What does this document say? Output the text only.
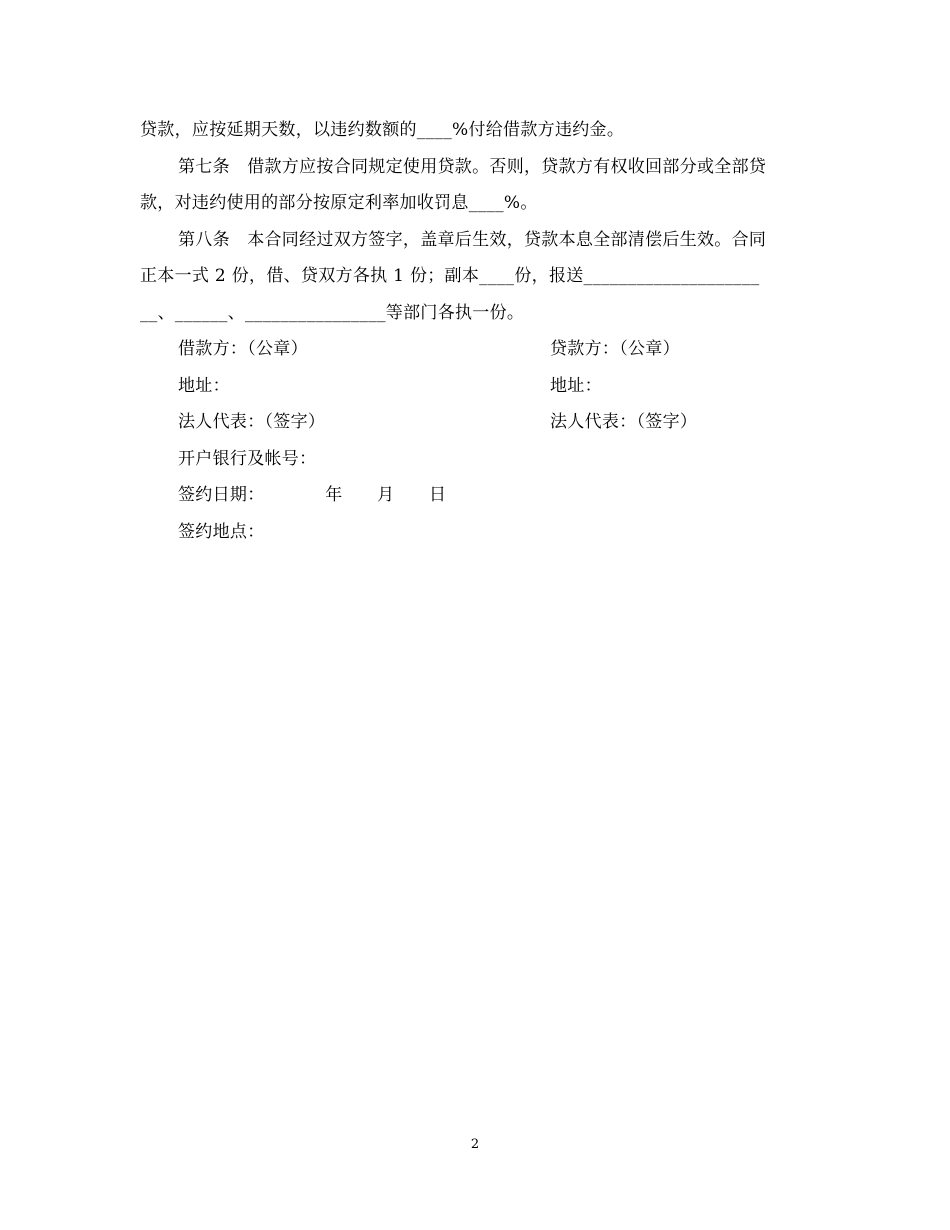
贷款，应按延期天数，以违约数额的____%付给借款方违约金。
第七条　借款方应按合同规定使用贷款。否则，贷款方有权收回部分或全部贷
款，对违约使用的部分按原定利率加收罚息____%。
第八条　本合同经过双方签字，盖章后生效，贷款本息全部清偿后生效。合同
正本一式 2 份，借、贷双方各执 1 份；副本____份，报送____________________
__、______、________________等部门各执一份。
借款方：（公章）	贷款方：（公章）
地址：	地址：
法人代表：（签字）	法人代表：（签字）
开户银行及帐号：
签约日期：　　　　年　　月　　日
签约地点：
2
